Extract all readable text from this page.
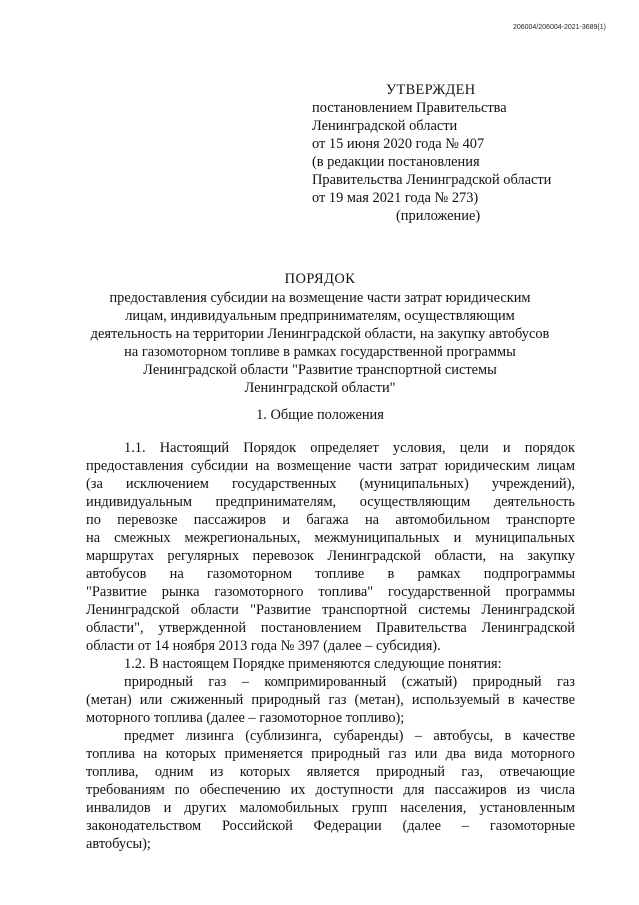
206004/206004-2021-3689(1)
УТВЕРЖДЕН
постановлением Правительства
Ленинградской области
от 15 июня 2020 года № 407
(в редакции постановления
Правительства Ленинградской области
от 19 мая 2021 года № 273)
(приложение)
ПОРЯДОК
предоставления субсидии на возмещение части затрат юридическим
лицам, индивидуальным предпринимателям, осуществляющим
деятельность на территории Ленинградской области, на закупку автобусов
на газомоторном топливе в рамках государственной программы
Ленинградской области "Развитие транспортной системы
Ленинградской области"
1. Общие положения
1.1. Настоящий Порядок определяет условия, цели и порядок
предоставления субсидии на возмещение части затрат юридическим лицам
(за исключением государственных (муниципальных) учреждений),
индивидуальным предпринимателям, осуществляющим деятельность
по перевозке пассажиров и багажа на автомобильном транспорте
на смежных межрегиональных, межмуниципальных и муниципальных
маршрутах регулярных перевозок Ленинградской области, на закупку
автобусов на газомоторном топливе в рамках подпрограммы
"Развитие рынка газомоторного топлива" государственной программы
Ленинградской области "Развитие транспортной системы Ленинградской
области", утвержденной постановлением Правительства Ленинградской
области от 14 ноября 2013 года № 397 (далее – субсидия).
1.2. В настоящем Порядке применяются следующие понятия:
природный газ – компримированный (сжатый) природный газ
(метан) или сжиженный природный газ (метан), используемый в качестве
моторного топлива (далее – газомоторное топливо);
предмет лизинга (сублизинга, субаренды) – автобусы, в качестве
топлива на которых применяется природный газ или два вида моторного
топлива, одним из которых является природный газ, отвечающие
требованиям по обеспечению их доступности для пассажиров из числа
инвалидов и других маломобильных групп населения, установленным
законодательством Российской Федерации (далее – газомоторные
автобусы);
